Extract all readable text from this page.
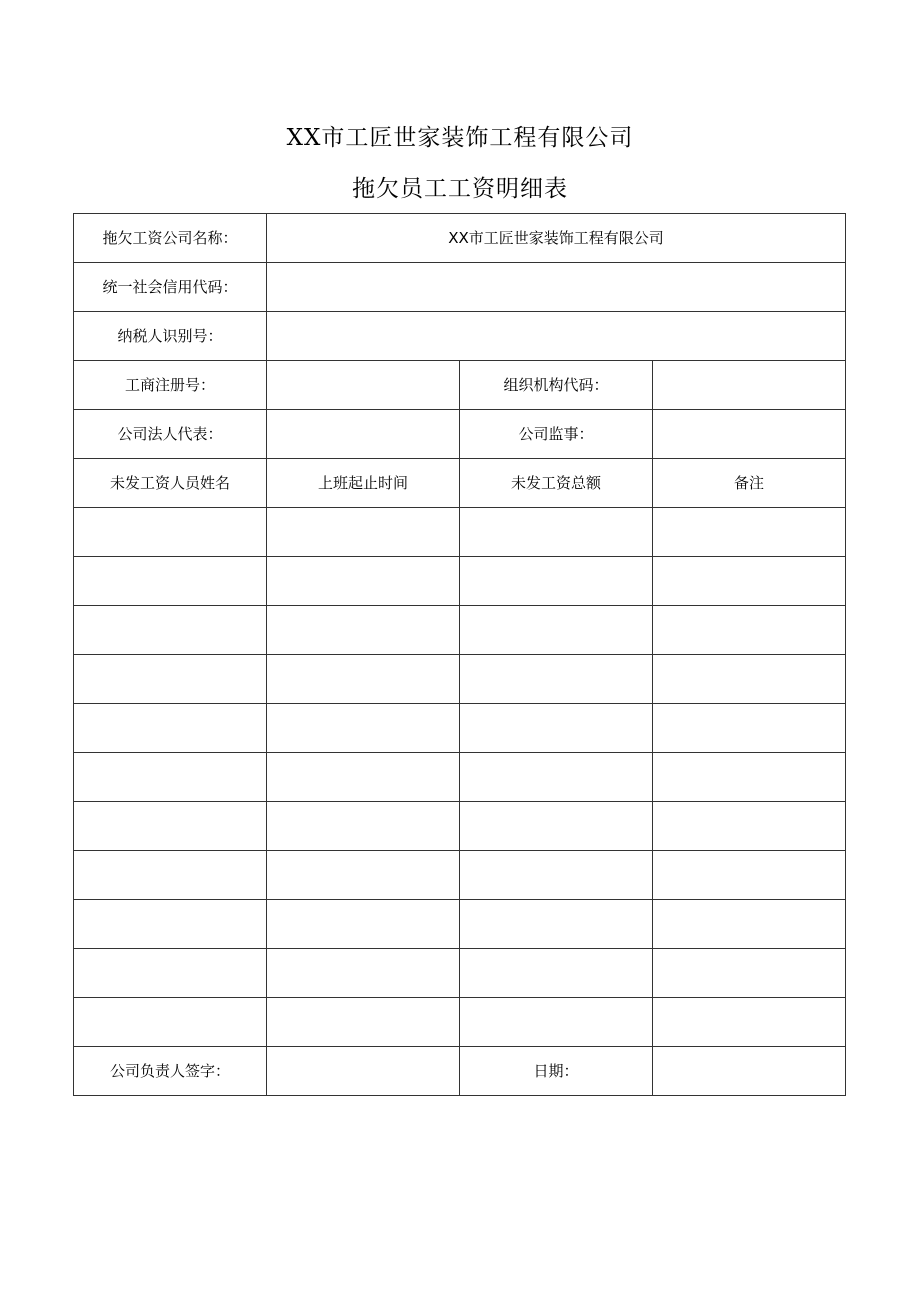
XX市工匠世家装饰工程有限公司
拖欠员工工资明细表
拖欠工资公司名称：	XX市工匠世家装饰工程有限公司		
统一社会信用代码：			
纳税人识别号：			
工商注册号：		组织机构代码：	
公司法人代表：		公司监事：	
未发工资人员姓名	上班起止时间	未发工资总额	备注

公司负责人签字：		日期：	
